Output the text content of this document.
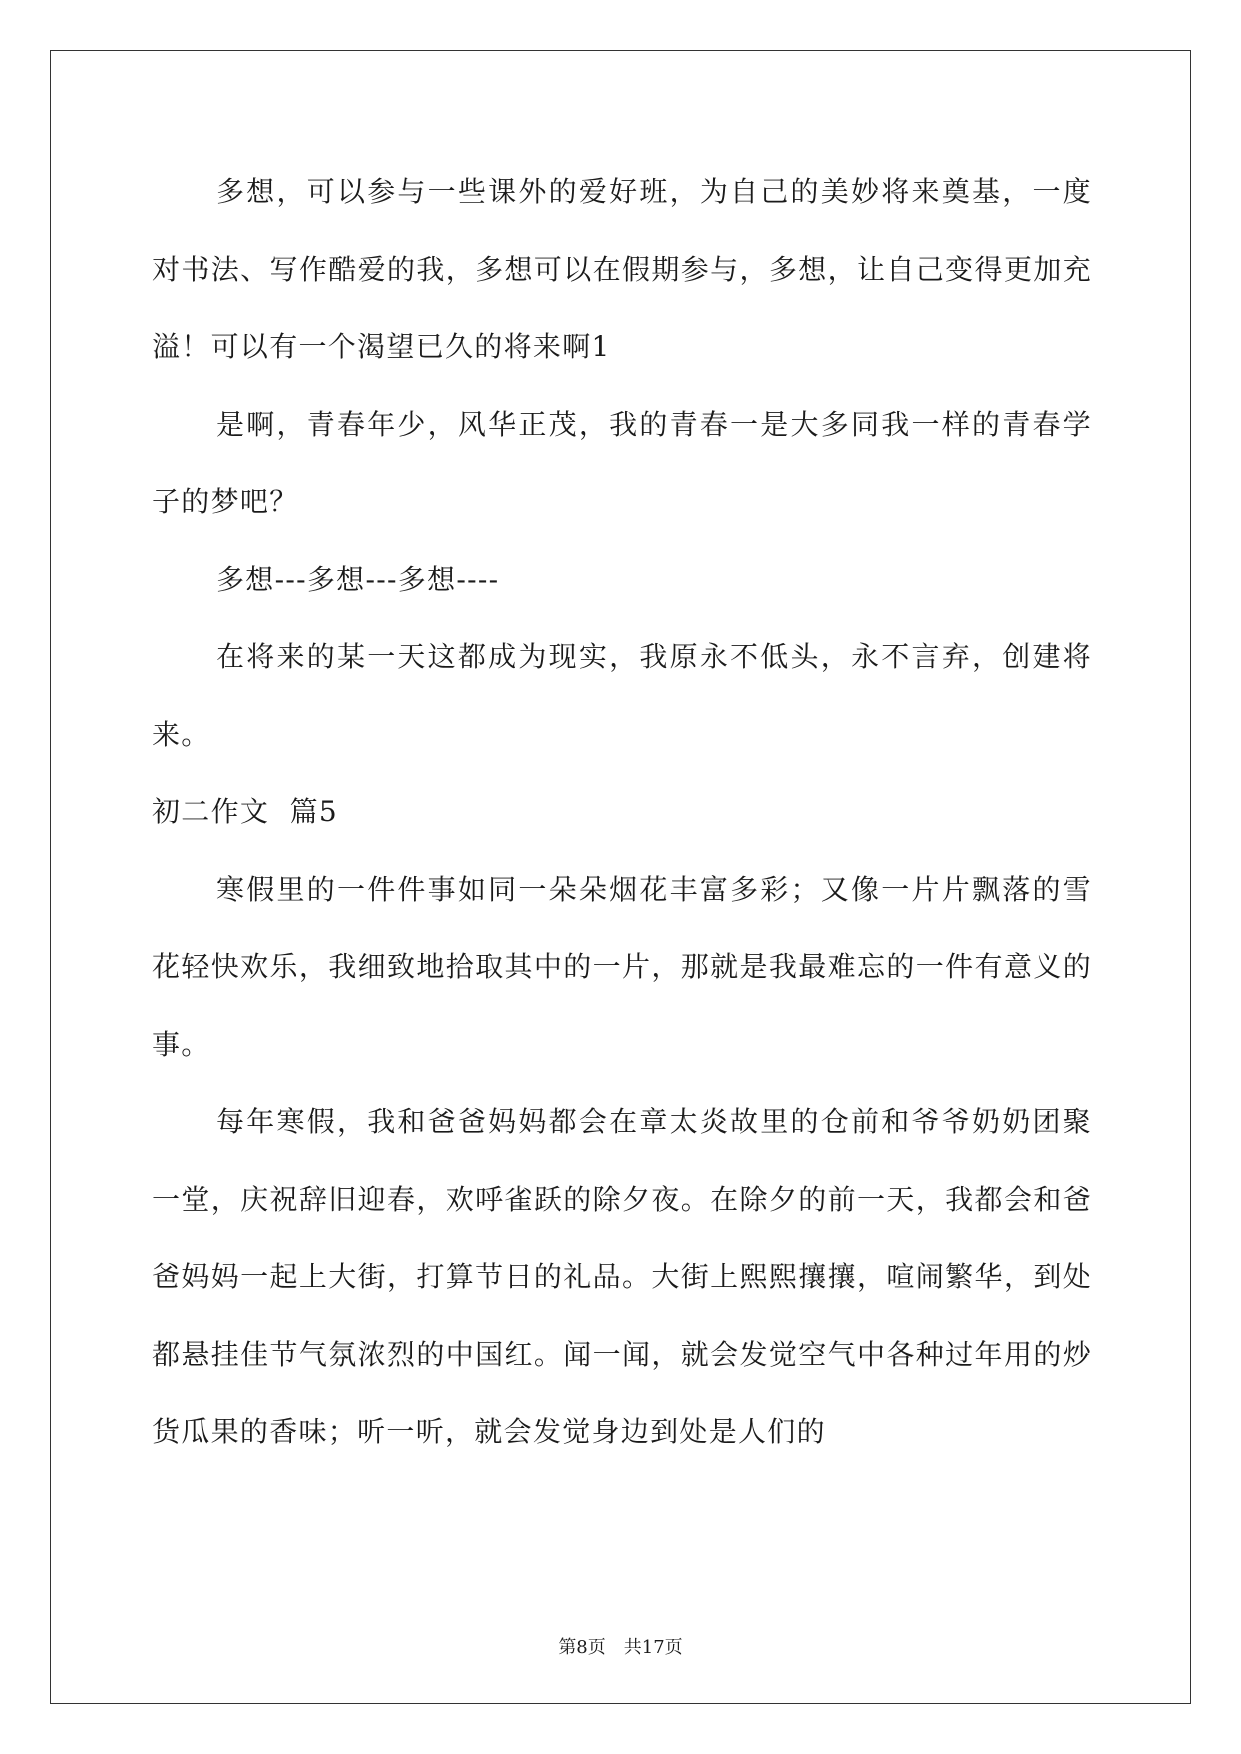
多想，可以参与一些课外的爱好班，为自己的美妙将来奠基，一度对书法、写作酷爱的我，多想可以在假期参与，多想，让自己变得更加充溢！可以有一个渴望已久的将来啊1

是啊，青春年少，风华正茂，我的青春一是大多同我一样的青春学子的梦吧？

多想---多想---多想----

在将来的某一天这都成为现实，我原永不低头，永不言弃，创建将来。

初二作文  篇5

寒假里的一件件事如同一朵朵烟花丰富多彩；又像一片片飘落的雪花轻快欢乐，我细致地拾取其中的一片，那就是我最难忘的一件有意义的事。

每年寒假，我和爸爸妈妈都会在章太炎故里的仓前和爷爷奶奶团聚一堂，庆祝辞旧迎春，欢呼雀跃的除夕夜。在除夕的前一天，我都会和爸爸妈妈一起上大街，打算节日的礼品。大街上熙熙攘攘，喧闹繁华，到处都悬挂佳节气氛浓烈的中国红。闻一闻，就会发觉空气中各种过年用的炒货瓜果的香味；听一听，就会发觉身边到处是人们的

第8页　共17页
